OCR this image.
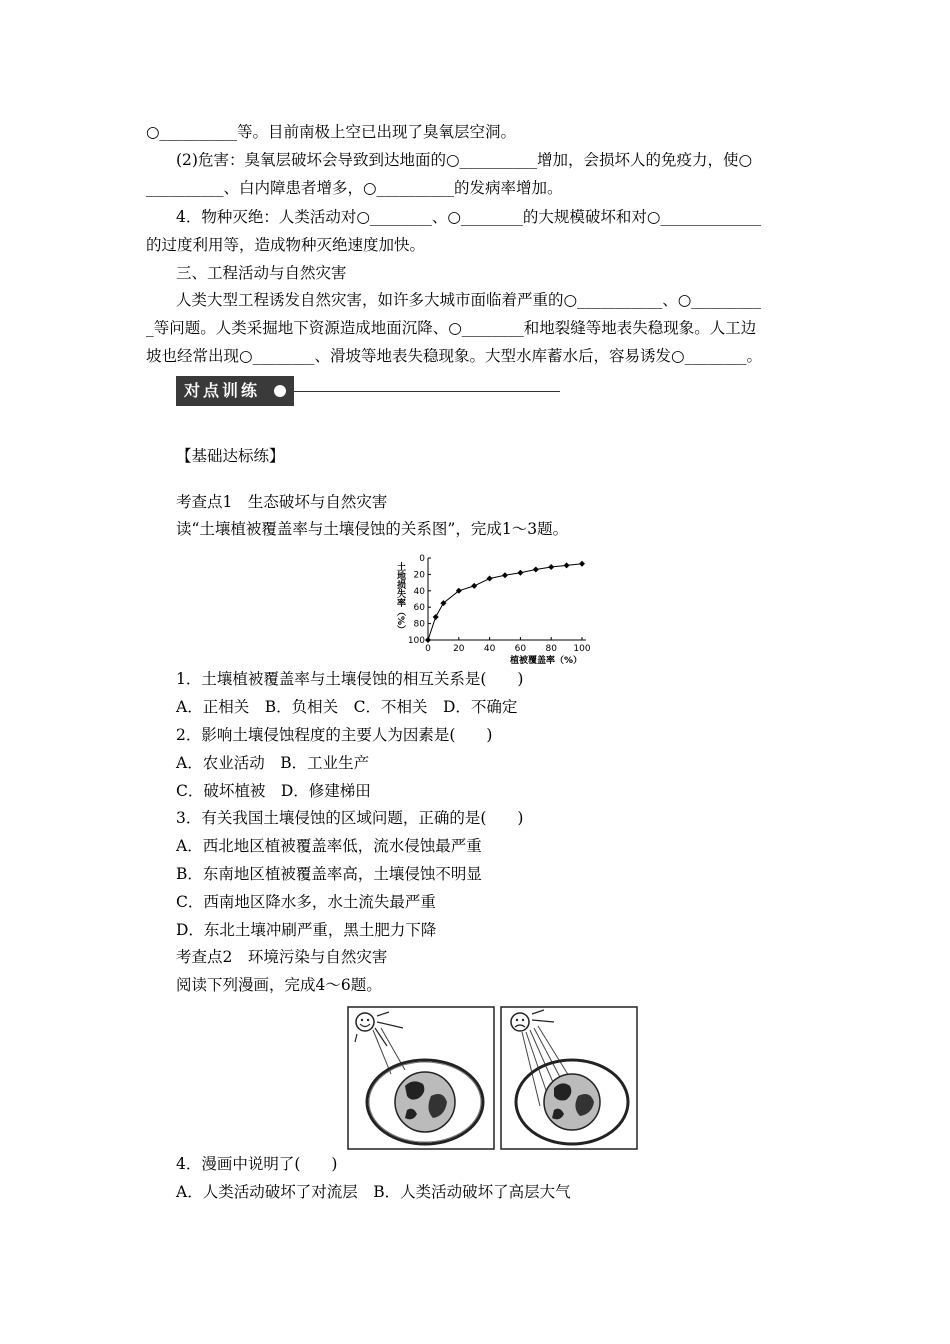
○__________等。目前南极上空已出现了臭氧层空洞。
(2)危害：臭氧层破坏会导致到达地面的○__________增加，会损坏人的免疫力，使○
__________、白内障患者增多，○__________的发病率增加。
4．物种灭绝：人类活动对○________、○________的大规模破坏和对○_____________
的过度利用等，造成物种灭绝速度加快。
三、工程活动与自然灾害
人类大型工程诱发自然灾害，如许多大城市面临着严重的○___________、○_________
_等问题。人类采掘地下资源造成地面沉降、○________和地裂缝等地表失稳现象。人工边
坡也经常出现○________、滑坡等地表失稳现象。大型水库蓄水后，容易诱发○________。
对点训练
【基础达标练】
考查点1　生态破坏与自然灾害
读“土壤植被覆盖率与土壤侵蚀的关系图”，完成1～3题。
0
20
40
60
80
100
0 20 40 60 80 100
植被覆盖率（%）
土地损失率（%）
1．土壤植被覆盖率与土壤侵蚀的相互关系是(　　)
A．正相关　B．负相关　C．不相关　D．不确定
2．影响土壤侵蚀程度的主要人为因素是(　　)
A．农业活动　B．工业生产
C．破坏植被　D．修建梯田
3．有关我国土壤侵蚀的区域问题，正确的是(　　)
A．西北地区植被覆盖率低，流水侵蚀最严重
B．东南地区植被覆盖率高，土壤侵蚀不明显
C．西南地区降水多，水土流失最严重
D．东北土壤冲刷严重，黑土肥力下降
考查点2　环境污染与自然灾害
阅读下列漫画，完成4～6题。
4．漫画中说明了(　　)
A．人类活动破坏了对流层　B．人类活动破坏了高层大气
